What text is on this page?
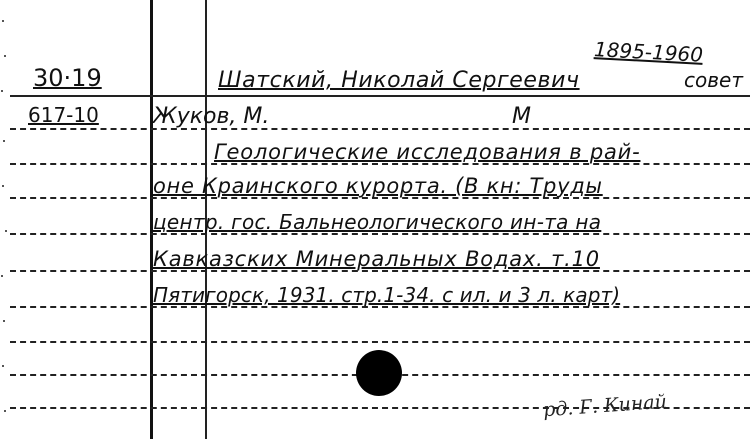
30·19
617-10
1895-1960
Шатский, Николай Сергеевич	совет
Жуков, М.	М
Геологические исследования в рай-
оне Краинского курорта. (В кн: Труды
центр. гос. Бальнеологического ин-та на
Кавказских Минеральных Водах. т.10
Пятигорск, 1931. стр.1-34. с ил. и 3 л. карт)
рд. Г. Кинай
